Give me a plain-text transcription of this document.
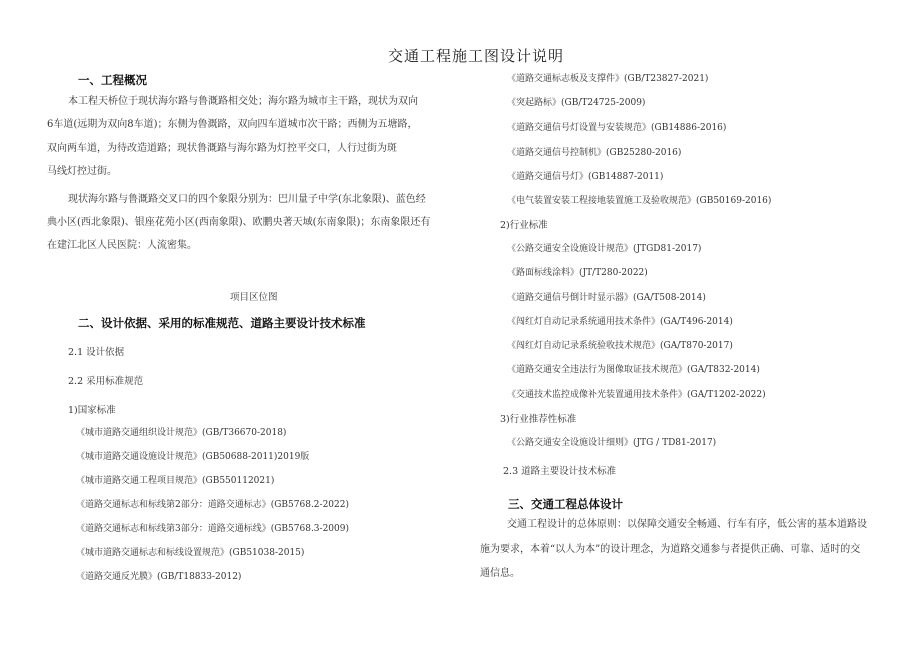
交通工程施工图设计说明
一、工程概况
本工程天桥位于现状海尔路与鲁溉路相交处；海尔路为城市主干路，现状为双向
6车道(远期为双向8车道)；东侧为鲁溉路，双向四车道城市次干路；西侧为五塘路，
双向两车道，为待改造道路；现状鲁溉路与海尔路为灯控平交口，人行过街为斑
马线灯控过街。
现状海尔路与鲁溉路交叉口的四个象限分别为：巴川量子中学(东北象限)、蓝色经
典小区(西北象限)、银座花苑小区(西南象限)、欧鹏央著天域(东南象限)；东南象限还有
在建江北区人民医院：人流密集。
项目区位图
二、设计依据、采用的标准规范、道路主要设计技术标准
2.1 设计依据
2.2 采用标准规范
1)国家标准
《城市道路交通组织设计规范》(GB/T36670-2018)
《城市道路交通设施设计规范》(GB50688-2011)2019版
《城市道路交通工程项目规范》(GB550112021)
《道路交通标志和标线第2部分：道路交通标志》(GB5768.2-2022)
《道路交通标志和标线第3部分：道路交通标线》(GB5768.3-2009)
《城市道路交通标志和标线设置规范》(GB51038-2015)
《道路交通反光膜》(GB/T18833-2012)
《道路交通标志板及支撑件》(GB/T23827-2021)
《突起路标》(GB/T24725-2009)
《道路交通信号灯设置与安装规范》(GB14886-2016)
《道路交通信号控制机》(GB25280-2016)
《道路交通信号灯》(GB14887-2011)
《电气装置安装工程接地装置施工及验收规范》(GB50169-2016)
2)行业标准
《公路交通安全设施设计规范》(JTGD81-2017)
《路面标线涂料》(JT/T280-2022)
《道路交通信号倒计时显示器》(GA/T508-2014)
《闯红灯自动记录系统通用技术条件》(GA/T496-2014)
《闯红灯自动记录系统验收技术规范》(GA/T870-2017)
《道路交通安全违法行为图像取证技术规范》(GA/T832-2014)
《交通技术监控成像补光装置通用技术条件》(GA/T1202-2022)
3)行业推荐性标准
《公路交通安全设施设计细则》(JTG / TD81-2017)
2.3 道路主要设计技术标准
三、交通工程总体设计
交通工程设计的总体原则：以保障交通安全畅通、行车有序，低公害的基本道路设
施为要求，本着“以人为本”的设计理念，为道路交通参与者提供正确、可靠、适时的交
通信息。
